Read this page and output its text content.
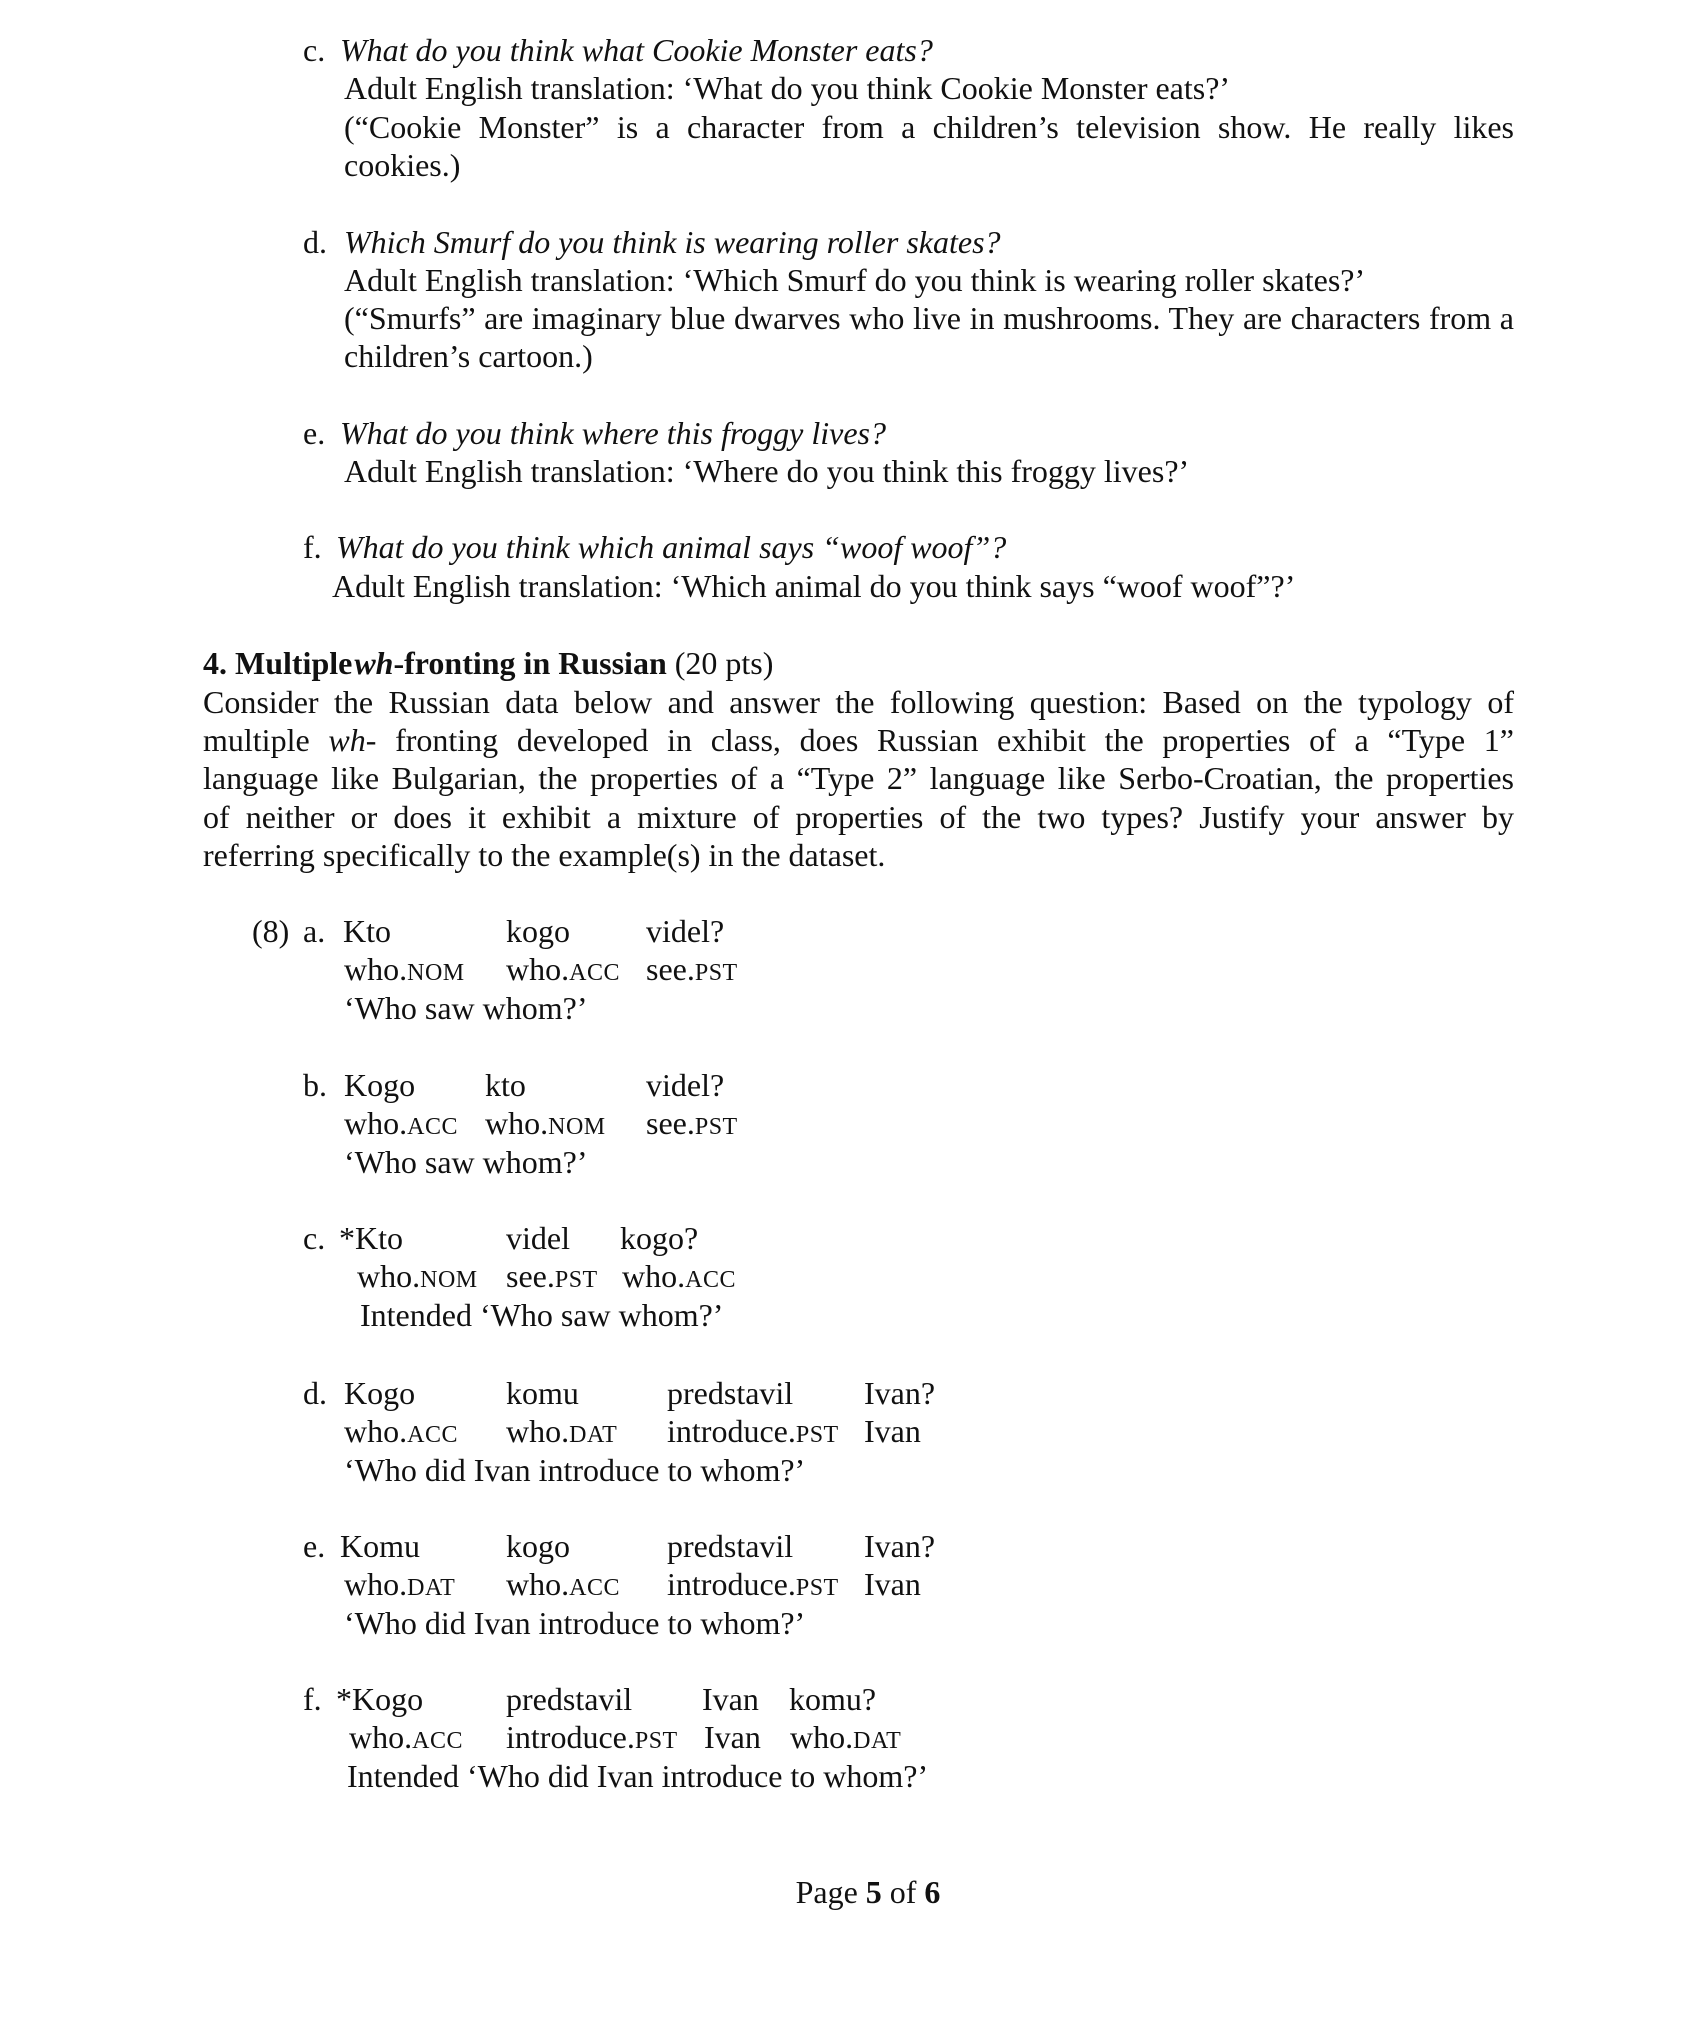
c. What do you think what Cookie Monster eats?
Adult English translation: ‘What do you think Cookie Monster eats?’
(“Cookie Monster” is a character from a children’s television show. He really likes cookies.)
d. Which Smurf do you think is wearing roller skates?
Adult English translation: ‘Which Smurf do you think is wearing roller skates?’
(“Smurfs” are imaginary blue dwarves who live in mushrooms. They are characters from a children’s cartoon.)
e. What do you think where this froggy lives?
Adult English translation: ‘Where do you think this froggy lives?’
f. What do you think which animal says “woof woof”?
Adult English translation: ‘Which animal do you think says “woof woof”?’
4. Multiple wh-fronting in Russian (20 pts)
Consider the Russian data below and answer the following question: Based on the typology of
multiple wh- fronting developed in class, does Russian exhibit the properties of a “Type 1”
language like Bulgarian, the properties of a “Type 2” language like Serbo-Croatian, the properties
of neither or does it exhibit a mixture of properties of the two types? Justify your answer by
referring specifically to the example(s) in the dataset.
(8) a. Kto	kogo videl?
who.NOM who.ACC see.PST
‘Who saw whom?’
b. Kogo kto	videl?
who.ACC who.NOM see.PST
‘Who saw whom?’
c. *Kto	videl kogo?
who.NOM see.PST who.ACC
Intended ‘Who saw whom?’
d. Kogo	komu	predstavil Ivan?
who.ACC who.DAT introduce.PST Ivan
‘Who did Ivan introduce to whom?’
e. Komu	kogo	predstavil Ivan?
who.DAT who.ACC introduce.PST Ivan
‘Who did Ivan introduce to whom?’
f. *Kogo	predstavil Ivan komu?
who.ACC introduce.PST Ivan who.DAT
Intended ‘Who did Ivan introduce to whom?’
Page 5 of 6
